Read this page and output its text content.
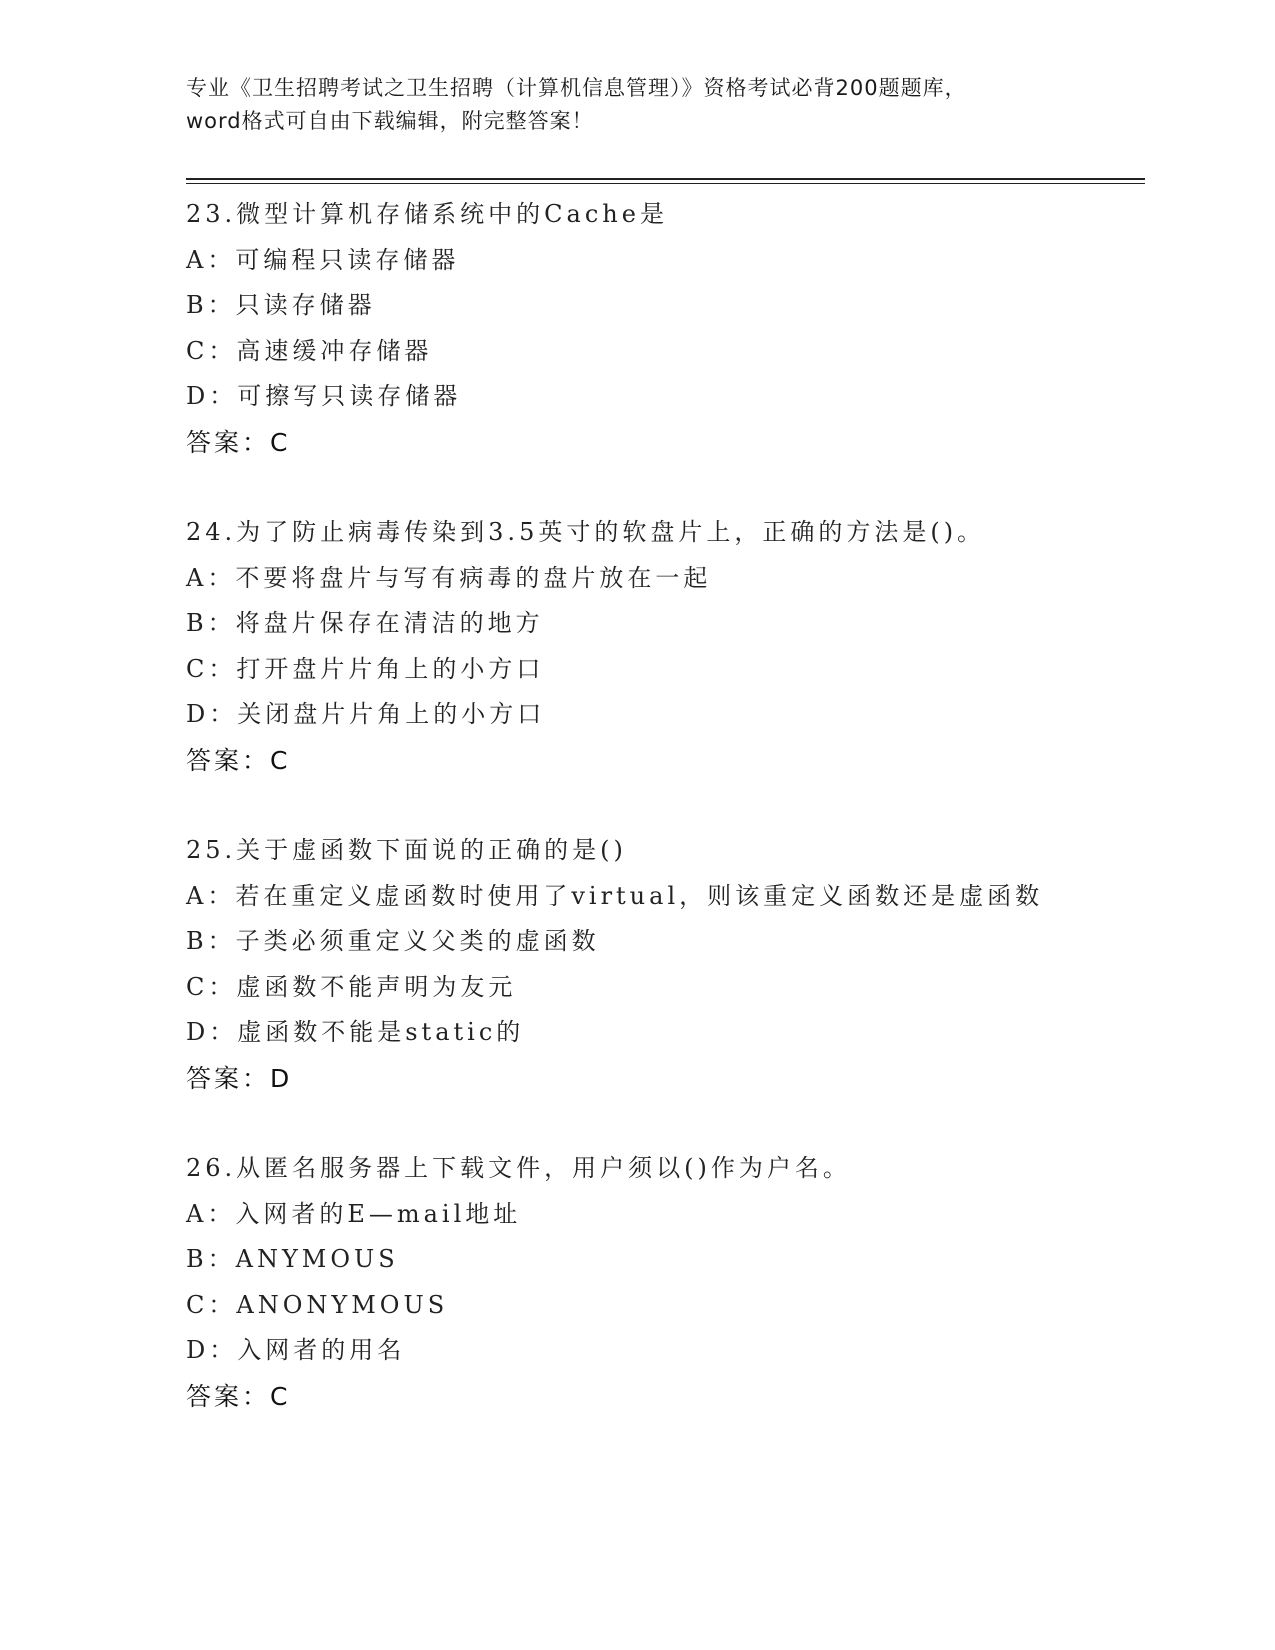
专业《卫生招聘考试之卫生招聘（计算机信息管理）》资格考试必背200题题库，
word格式可自由下载编辑，附完整答案！
23.微型计算机存储系统中的Cache是
A：可编程只读存储器
B：只读存储器
C：高速缓冲存储器
D：可擦写只读存储器
答案：C
24.为了防止病毒传染到3.5英寸的软盘片上，正确的方法是()。
A：不要将盘片与写有病毒的盘片放在一起
B：将盘片保存在清洁的地方
C：打开盘片片角上的小方口
D：关闭盘片片角上的小方口
答案：C
25.关于虚函数下面说的正确的是()
A：若在重定义虚函数时使用了virtual，则该重定义函数还是虚函数
B：子类必须重定义父类的虚函数
C：虚函数不能声明为友元
D：虚函数不能是static的
答案：D
26.从匿名服务器上下载文件，用户须以()作为户名。
A：入网者的E—mail地址
B：ANYMOUS
C：ANONYMOUS
D：入网者的用名
答案：C
